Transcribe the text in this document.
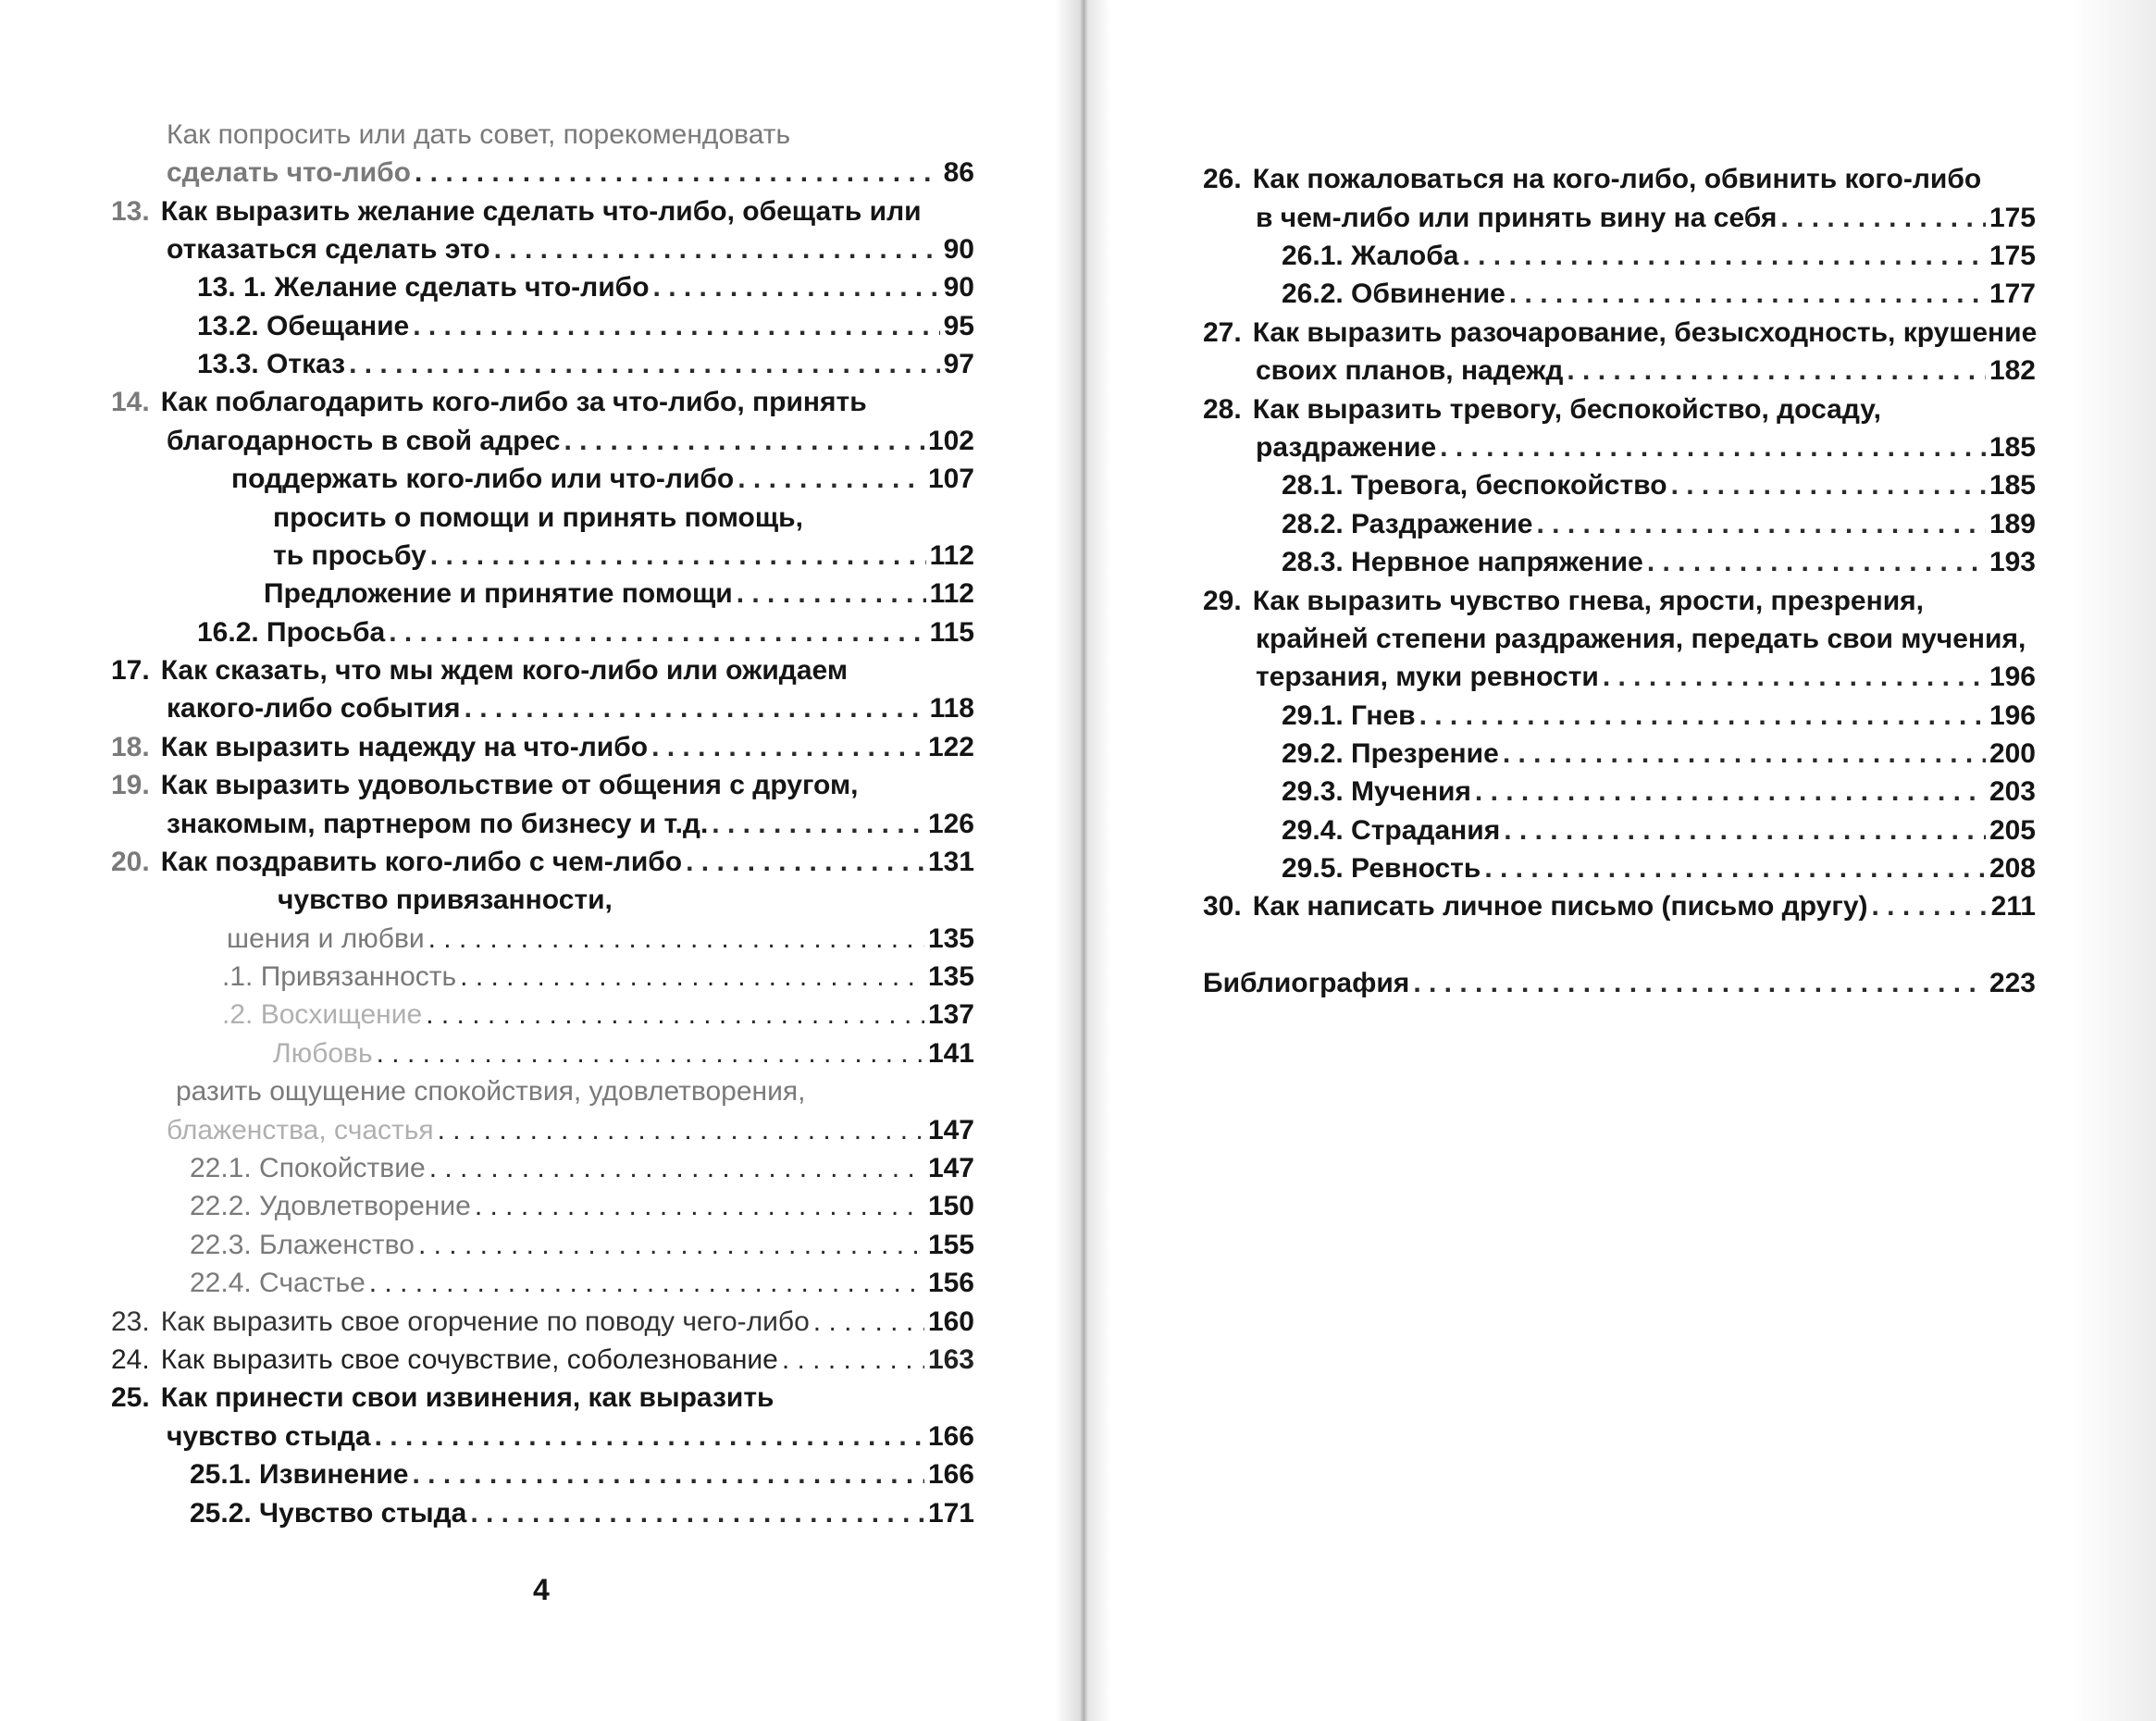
Как попросить или дать совет, порекомендовать
сделать что-либо . . .	86
13. Как выразить желание сделать что-либо, обещать или
отказаться сделать это . . .	90
13. 1. Желание сделать что-либо . . .	90
13.2. Обещание . . .	95
13.3. Отказ . . .	97
14. Как поблагодарить кого-либо за что-либо, принять
благодарность в свой адрес . . .	102
поддержать кого-либо или что-либо . . .	107
просить о помощи и принять помощь,
ть просьбу . . .	112
Предложение и принятие помощи . . .	112
16.2. Просьба . . .	115
17. Как сказать, что мы ждем кого-либо или ожидаем
какого-либо события . . .	118
18. Как выразить надежду на что-либо . . .	122
19. Как выразить удовольствие от общения с другом,
знакомым, партнером по бизнесу и т.д. . . .	126
20. Как поздравить кого-либо с чем-либо . . .	131
чувство привязанности,
шения и любви . . .	135
.1. Привязанность . . .	135
.2. Восхищение . . .	137
Любовь . . .	141
разить ощущение спокойствия, удовлетворения,
блаженства, счастья . . .	147
22.1. Спокойствие . . .	147
22.2. Удовлетворение . . .	150
22.3. Блаженство . . .	155
22.4. Счастье . . .	156
23. Как выразить свое огорчение по поводу чего-либо . . .	160
24. Как выразить свое сочувствие, соболезнование . . .	163
25. Как принести свои извинения, как выразить
чувство стыда . . .	166
25.1. Извинение . . .	166
25.2. Чувство стыда . . .	171
4
26. Как пожаловаться на кого-либо, обвинить кого-либо
в чем-либо или принять вину на себя . . .	175
26.1. Жалоба . . .	175
26.2. Обвинение . . .	177
27. Как выразить разочарование, безысходность, крушение
своих планов, надежд . . .	182
28. Как выразить тревогу, беспокойство, досаду,
раздражение . . .	185
28.1. Тревога, беспокойство . . .	185
28.2. Раздражение . . .	189
28.3. Нервное напряжение . . .	193
29. Как выразить чувство гнева, ярости, презрения,
крайней степени раздражения, передать свои мучения,
терзания, муки ревности . . .	196
29.1. Гнев . . .	196
29.2. Презрение . . .	200
29.3. Мучения . . .	203
29.4. Страдания . . .	205
29.5. Ревность . . .	208
30. Как написать личное письмо (письмо другу) . . .	211
Библиография . . .	223
